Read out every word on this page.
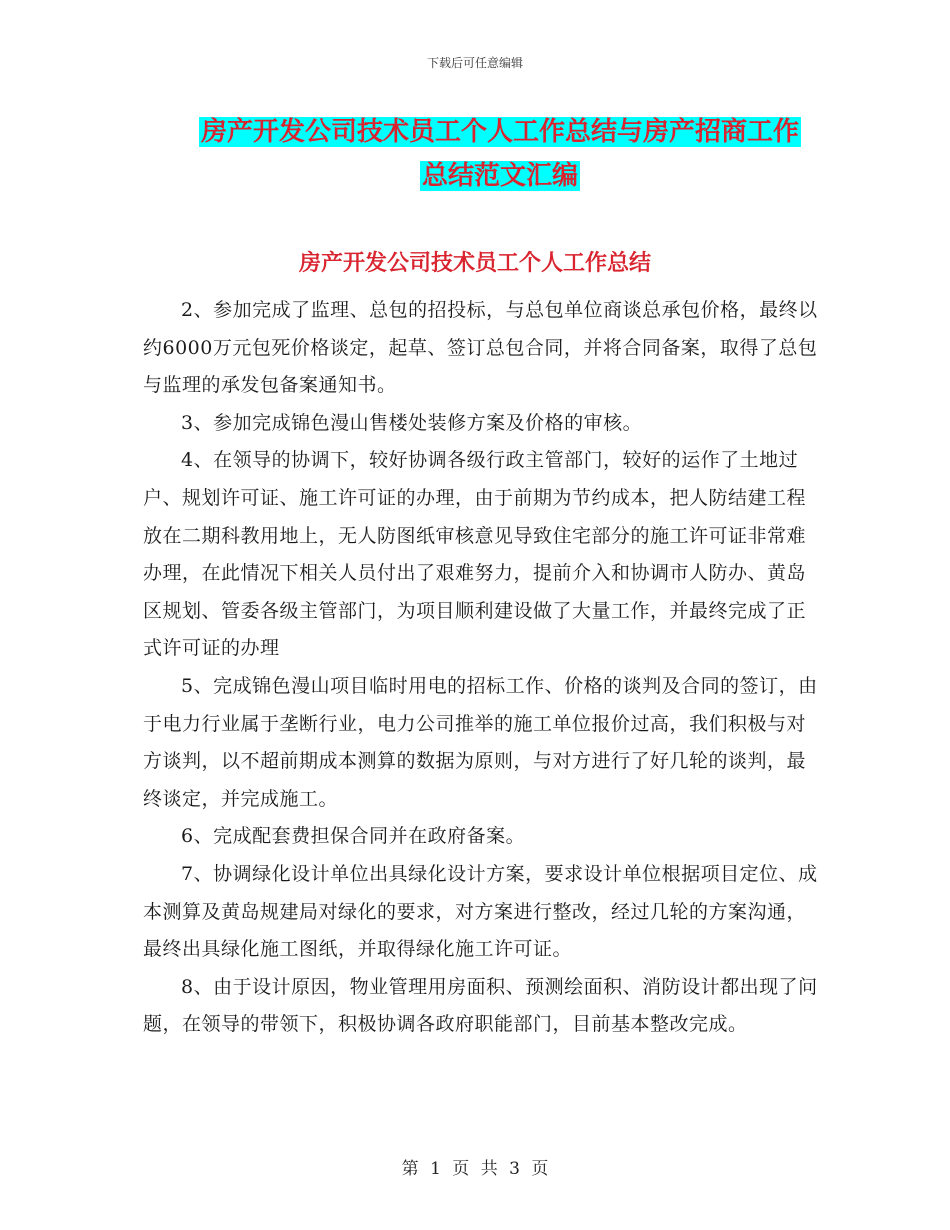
下载后可任意编辑
房产开发公司技术员工个人工作总结与房产招商工作
总结范文汇编
房产开发公司技术员工个人工作总结

2、参加完成了监理、总包的招投标，与总包单位商谈总承包价格，最终以约6000万元包死价格谈定，起草、签订总包合同，并将合同备案，取得了总包与监理的承发包备案通知书。

3、参加完成锦色漫山售楼处装修方案及价格的审核。

4、在领导的协调下，较好协调各级行政主管部门，较好的运作了土地过户、规划许可证、施工许可证的办理，由于前期为节约成本，把人防结建工程放在二期科教用地上，无人防图纸审核意见导致住宅部分的施工许可证非常难办理，在此情况下相关人员付出了艰难努力，提前介入和协调市人防办、黄岛区规划、管委各级主管部门，为项目顺利建设做了大量工作，并最终完成了正式许可证的办理

5、完成锦色漫山项目临时用电的招标工作、价格的谈判及合同的签订，由于电力行业属于垄断行业，电力公司推举的施工单位报价过高，我们积极与对方谈判，以不超前期成本测算的数据为原则，与对方进行了好几轮的谈判，最终谈定，并完成施工。

6、完成配套费担保合同并在政府备案。

7、协调绿化设计单位出具绿化设计方案，要求设计单位根据项目定位、成本测算及黄岛规建局对绿化的要求，对方案进行整改，经过几轮的方案沟通，最终出具绿化施工图纸，并取得绿化施工许可证。

8、由于设计原因，物业管理用房面积、预测绘面积、消防设计都出现了问题，在领导的带领下，积极协调各政府职能部门，目前基本整改完成。

第 1 页 共 3 页
